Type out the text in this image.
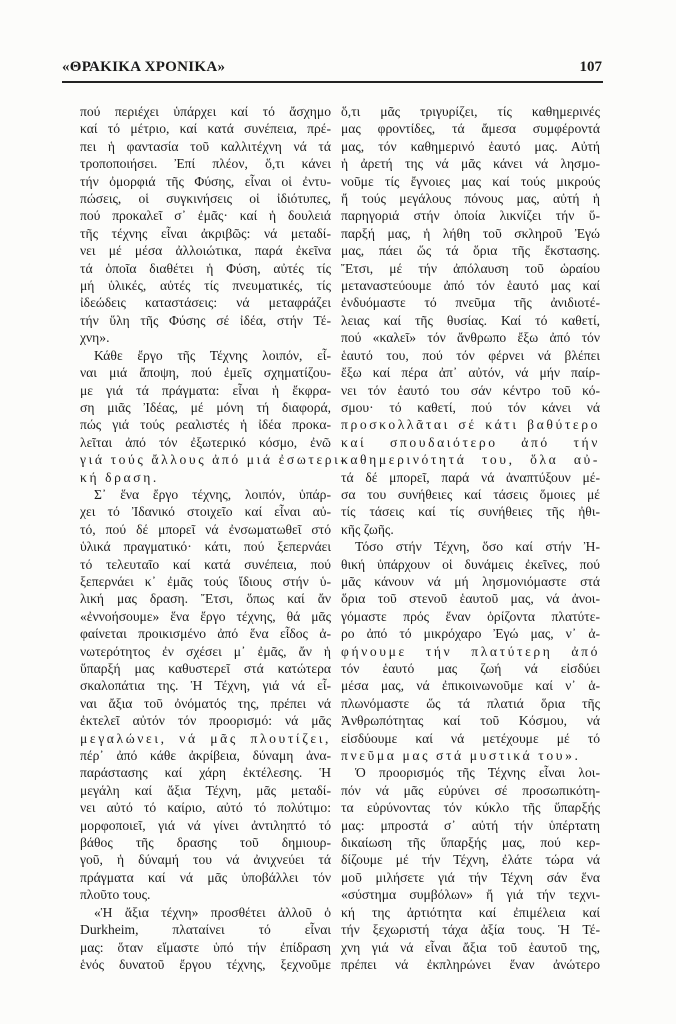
«ΘΡΑΚΙΚΑ ΧΡΟΝΙΚΑ»	107
πού περιέχει ὑπάρχει καί τό ἄσχημο
καί τό μέτριο, καί κατά συνέπεια, πρέ-
πει ἡ φαντασία τοῦ καλλιτέχνη νά τά
τροποποιήσει. Ἐπί πλέον, ὅ,τι κάνει
τήν ὀμορφιά τῆς Φύσης, εἶναι οἱ ἐντυ-
πώσεις, οἱ συγκινήσεις οἱ ἰδιότυπες,
πού προκαλεῖ σ᾽ ἐμᾶς· καί ἡ δουλειά
τῆς τέχνης εἶναι ἀκριβῶς: νά μεταδί-
νει μέ μέσα ἀλλοιώτικα, παρά ἐκεῖνα
τά ὁποῖα διαθέτει ἡ Φύση, αὐτές τίς
μή ὑλικές, αὐτές τίς πνευματικές, τίς
ἰδεώδεις καταστάσεις: νά μεταφράζει
τήν ὕλη τῆς Φύσης σέ ἰδέα, στήν Τέ-
χνη».
Κάθε ἔργο τῆς Τέχνης λοιπόν, εἶ-
ναι μιά ἄποψη, πού ἐμεῖς σχηματίζου-
με γιά τά πράγματα: εἶναι ἡ ἔκφρα-
ση μιᾶς Ἰδέας, μέ μόνη τή διαφορά,
πώς γιά τούς ρεαλιστές ἡ ἰδέα προκα-
λεῖται ἀπό τόν ἐξωτερικό κόσμο, ἐνῶ
γιά τούς ἄλλους ἀπό μιά ἐσωτερι-
κή δραση.
Σ᾽ ἕνα ἔργο τέχνης, λοιπόν, ὑπάρ-
χει τό Ἰδανικό στοιχεῖο καί εἶναι αὐ-
τό, πού δέ μπορεῖ νά ἐνσωματωθεῖ στό
ὑλικά πραγματικό· κάτι, πού ξεπερνάει
τό τελευταῖο καί κατά συνέπεια, πού
ξεπερνάει κ᾽ ἐμᾶς τούς ἴδιους στήν ὑ-
λική μας δραση. Ἔτσι, ὅπως καί ἄν
«ἐννοήσουμε» ἕνα ἔργο τέχνης, θά μᾶς
φαίνεται προικισμένο ἀπό ἕνα εἶδος ἀ-
νωτερότητος ἐν σχέσει μ᾽ ἐμᾶς, ἄν ἡ
ὕπαρξή μας καθυστερεῖ στά κατώτερα
σκαλοπάτια της. Ἡ Τέχνη, γιά νά εἶ-
ναι ἄξια τοῦ ὀνόματός της, πρέπει νά
ἐκτελεῖ αὐτόν τόν προορισμό: νά μᾶς
μεγαλώνει, νά μᾶς πλουτίζει,
πέρ᾽ ἀπό κάθε ἀκρίβεια, δύναμη ἀνα-
παράστασης καί χάρη ἐκτέλεσης. Ἡ
μεγάλη καί ἄξια Τέχνη, μᾶς μεταδί-
νει αὐτό τό καίριο, αὐτό τό πολύτιμο:
μορφοποιεῖ, γιά νά γίνει ἀντιληπτό τό
βάθος τῆς δρασης τοῦ δημιουρ-
γοῦ, ἡ δύναμή του νά ἀνιχνεύει τά
πράγματα καί νά μᾶς ὑποβάλλει τόν
πλοῦτο τους.
«Ἡ ἄξια τέχνη» προσθέτει ἀλλοῦ ὁ
Durkheim, πλαταίνει τό εἶναι
μας: ὅταν εἴμαστε ὑπό τήν ἐπίδραση
ἑνός δυνατοῦ ἔργου τέχνης, ξεχνοῦμε
ὅ,τι μᾶς τριγυρίζει, τίς καθημερινές
μας φροντίδες, τά ἄμεσα συμφέροντά
μας, τόν καθημερινό ἑαυτό μας. Αὐτή
ἡ ἀρετή της νά μᾶς κάνει νά λησμο-
νοῦμε τίς ἔγνοιες μας καί τούς μικρούς
ἤ τούς μεγάλους πόνους μας, αὐτή ἡ
παρηγοριά στήν ὁποία λικνίζει τήν ὕ-
παρξή μας, ἡ λήθη τοῦ σκληροῦ Ἐγώ
μας, πάει ὥς τά ὅρια τῆς ἔκστασης.
Ἔτσι, μέ τήν ἀπόλαυση τοῦ ὡραίου
μεταναστεύουμε ἀπό τόν ἑαυτό μας καί
ἐνδυόμαστε τό πνεῦμα τῆς ἀνιδιοτέ-
λειας καί τῆς θυσίας. Καί τό καθετί,
πού «καλεῖ» τόν ἄνθρωπο ἔξω ἀπό τόν
ἑαυτό του, πού τόν φέρνει νά βλέπει
ἔξω καί πέρα ἀπ᾽ αὐτόν, νά μήν παίρ-
νει τόν ἑαυτό του σάν κέντρο τοῦ κό-
σμου· τό καθετί, πού τόν κάνει νά
προσκολλᾶται σέ κάτι βαθύτερο
καί σπουδαιότερο ἀπό τήν
καθημερινότητά του, ὅλα αὐ-
τά δέ μπορεῖ, παρά νά ἀναπτύξουν μέ-
σα του συνήθειες καί τάσεις ὅμοιες μέ
τίς τάσεις καί τίς συνήθειες τῆς ἠθι-
κῆς ζωῆς.
Τόσο στήν Τέχνη, ὅσο καί στήν Ἠ-
θική ὑπάρχουν οἱ δυνάμεις ἐκεῖνες, πού
μᾶς κάνουν νά μή λησμονιόμαστε στά
ὅρια τοῦ στενοῦ ἑαυτοῦ μας, νά ἀνοι-
γόμαστε πρός ἕναν ὁρίζοντα πλατύτε-
ρο ἀπό τό μικρόχαρο Ἐγώ μας, ν᾽ ἀ-
φήνουμε τήν πλατύτερη ἀπό
τόν ἑαυτό μας ζωή νά εἰσδύει
μέσα μας, νά ἐπικοινωνοῦμε καί ν᾽ ἁ-
πλωνόμαστε ὥς τά πλατιά ὅρια τῆς
Ἀνθρωπότητας καί τοῦ Κόσμου, νά
εἰσδύουμε καί νά μετέχουμε μέ τό
πνεῦμα μας στά μυστικά του».
Ὁ προορισμός τῆς Τέχνης εἶναι λοι-
πόν νά μᾶς εὐρύνει σέ προσωπικότη-
τα εὐρύνοντας τόν κύκλο τῆς ὕπαρξής
μας: μπροστά σ᾽ αὐτή τήν ὑπέρτατη
δικαίωση τῆς ὕπαρξής μας, πού κερ-
δίζουμε μέ τήν Τέχνη, ἐλάτε τώρα νά
μοῦ μιλήσετε γιά τήν Τέχνη σάν ἕνα
«σύστημα συμβόλων» ἤ γιά τήν τεχνι-
κή της ἀρτιότητα καί ἐπιμέλεια καί
τήν ξεχωριστή τάχα ἀξία τους. Ἡ Τέ-
χνη γιά νά εἶναι ἄξια τοῦ ἑαυτοῦ της,
πρέπει νά ἐκπληρώνει ἕναν ἀνώτερο
